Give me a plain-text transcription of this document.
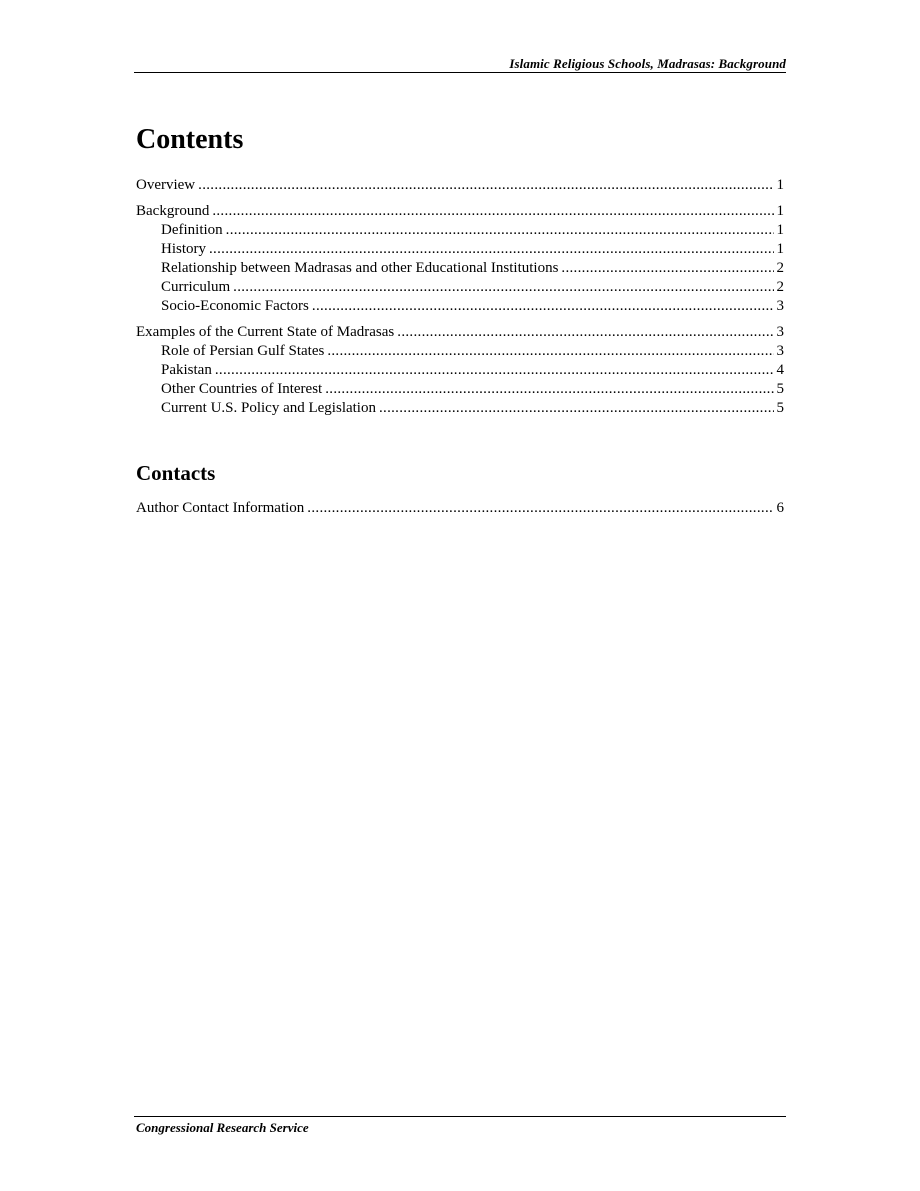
Islamic Religious Schools, Madrasas: Background
Contents
Overview .....	1
Background .....	1
Definition .....	1
History .....	1
Relationship between Madrasas and other Educational Institutions .....	2
Curriculum .....	2
Socio-Economic Factors .....	3
Examples of the Current State of Madrasas .....	3
Role of Persian Gulf States .....	3
Pakistan .....	4
Other Countries of Interest .....	5
Current U.S. Policy and Legislation .....	5
Contacts
Author Contact Information .....	6
Congressional Research Service
